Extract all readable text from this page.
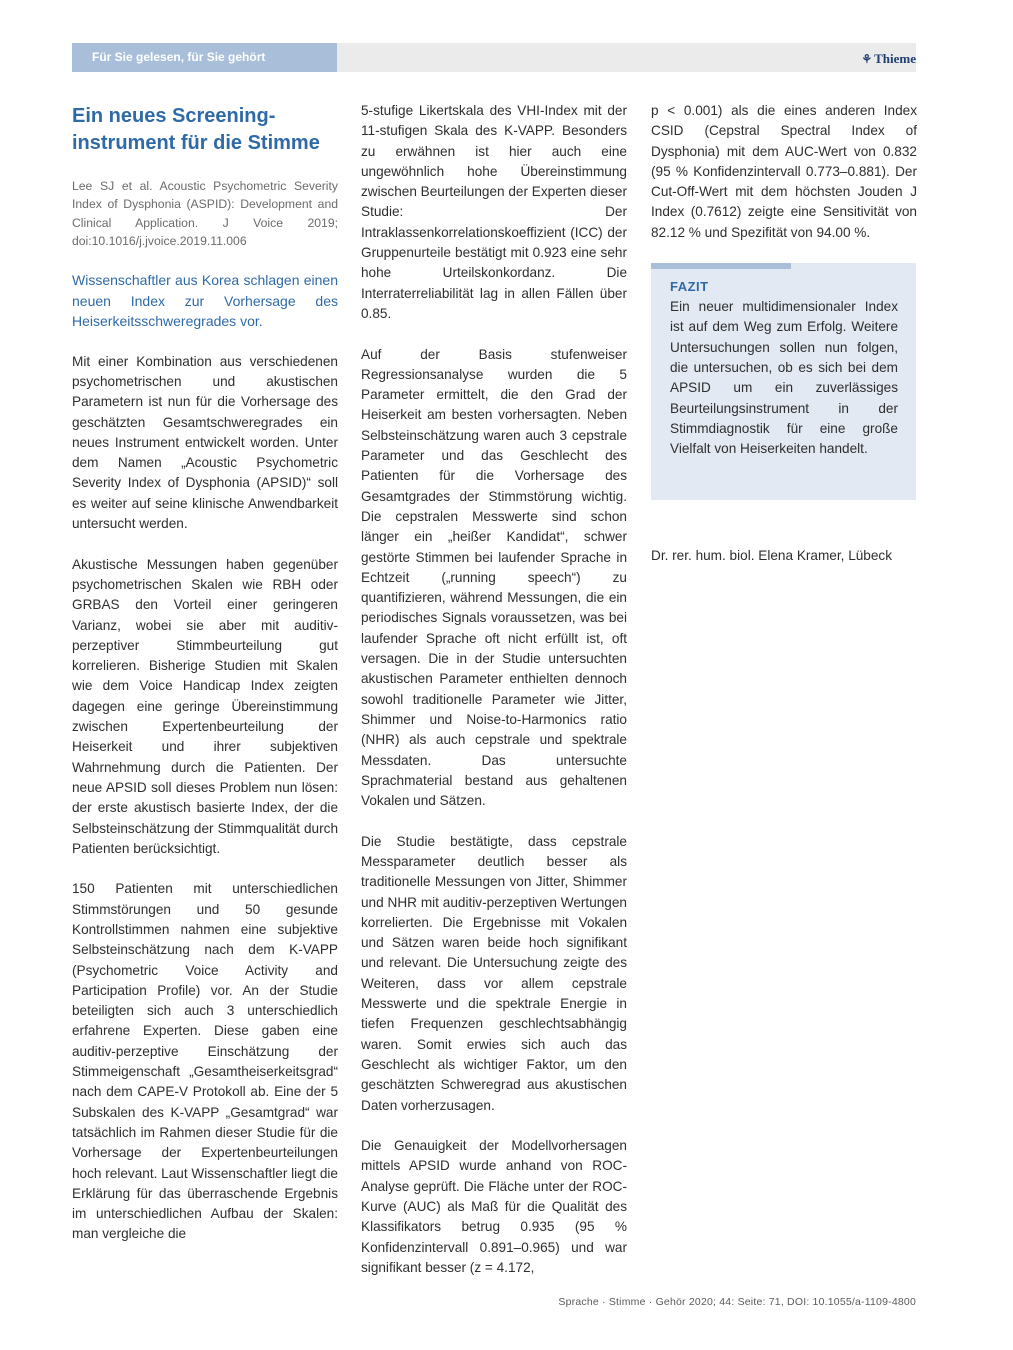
Für Sie gelesen, für Sie gehört	⚘ Thieme
Ein neues Screeninginstrument für die Stimme

Lee SJ et al. Acoustic Psychometric Severity Index of Dysphonia (ASPID): Development and Clinical Application. J Voice 2019; doi:10.1016/j.jvoice.2019.11.006

Wissenschaftler aus Korea schlagen einen neuen Index zur Vorhersage des Heiserkeitsschweregrades vor.

Mit einer Kombination aus verschiedenen psychometrischen und akustischen Parametern ist nun für die Vorhersage des geschätzten Gesamtschweregrades ein neues Instrument entwickelt worden. Unter dem Namen „Acoustic Psychometric Severity Index of Dysphonia (APSID)“ soll es weiter auf seine klinische Anwendbarkeit untersucht werden.

Akustische Messungen haben gegenüber psychometrischen Skalen wie RBH oder GRBAS den Vorteil einer geringeren Varianz, wobei sie aber mit auditiv-perzeptiver Stimmbeurteilung gut korrelieren. Bisherige Studien mit Skalen wie dem Voice Handicap Index zeigten dagegen eine geringe Übereinstimmung zwischen Expertenbeurteilung der Heiserkeit und ihrer subjektiven Wahrnehmung durch die Patienten. Der neue APSID soll dieses Problem nun lösen: der erste akustisch basierte Index, der die Selbsteinschätzung der Stimmqualität durch Patienten berücksichtigt.

150 Patienten mit unterschiedlichen Stimmstörungen und 50 gesunde Kontrollstimmen nahmen eine subjektive Selbsteinschätzung nach dem K-VAPP (Psychometric Voice Activity and Participation Profile) vor. An der Studie beteiligten sich auch 3 unterschiedlich erfahrene Experten. Diese gaben eine auditiv-perzeptive Einschätzung der Stimmeigenschaft „Gesamtheiserkeitsgrad“ nach dem CAPE-V Protokoll ab. Eine der 5 Subskalen des K-VAPP „Gesamtgrad“ war tatsächlich im Rahmen dieser Studie für die Vorhersage der Expertenbeurteilungen hoch relevant. Laut Wissenschaftler liegt die Erklärung für das überraschende Ergebnis im unterschiedlichen Aufbau der Skalen: man vergleiche die

5-stufige Likertskala des VHI-Index mit der 11-stufigen Skala des K-VAPP. Besonders zu erwähnen ist hier auch eine ungewöhnlich hohe Übereinstimmung zwischen Beurteilungen der Experten dieser Studie: Der Intraklassenkorrelationskoeffizient (ICC) der Gruppenurteile bestätigt mit 0.923 eine sehr hohe Urteilskonkordanz. Die Interraterreliabilität lag in allen Fällen über 0.85.

Auf der Basis stufenweiser Regressionsanalyse wurden die 5 Parameter ermittelt, die den Grad der Heiserkeit am besten vorhersagten. Neben Selbsteinschätzung waren auch 3 cepstrale Parameter und das Geschlecht des Patienten für die Vorhersage des Gesamtgrades der Stimmstörung wichtig. Die cepstralen Messwerte sind schon länger ein „heißer Kandidat“, schwer gestörte Stimmen bei laufender Sprache in Echtzeit („running speech“) zu quantifizieren, während Messungen, die ein periodisches Signals voraussetzen, was bei laufender Sprache oft nicht erfüllt ist, oft versagen. Die in der Studie untersuchten akustischen Parameter enthielten dennoch sowohl traditionelle Parameter wie Jitter, Shimmer und Noise-to-Harmonics ratio (NHR) als auch cepstrale und spektrale Messdaten. Das untersuchte Sprachmaterial bestand aus gehaltenen Vokalen und Sätzen.

Die Studie bestätigte, dass cepstrale Messparameter deutlich besser als traditionelle Messungen von Jitter, Shimmer und NHR mit auditiv-perzeptiven Wertungen korrelierten. Die Ergebnisse mit Vokalen und Sätzen waren beide hoch signifikant und relevant. Die Untersuchung zeigte des Weiteren, dass vor allem cepstrale Messwerte und die spektrale Energie in tiefen Frequenzen geschlechtsabhängig waren. Somit erwies sich auch das Geschlecht als wichtiger Faktor, um den geschätzten Schweregrad aus akustischen Daten vorherzusagen.

Die Genauigkeit der Modellvorhersagen mittels APSID wurde anhand von ROC-Analyse geprüft. Die Fläche unter der ROC-Kurve (AUC) als Maß für die Qualität des Klassifikators betrug 0.935 (95 % Konfidenzintervall 0.891–0.965) und war signifikant besser (z = 4.172,

p < 0.001) als die eines anderen Index CSID (Cepstral Spectral Index of Dysphonia) mit dem AUC-Wert von 0.832 (95 % Konfidenzintervall 0.773–0.881). Der Cut-Off-Wert mit dem höchsten Jouden J Index (0.7612) zeigte eine Sensitivität von 82.12 % und Spezifität von 94.00 %.

FAZIT

Ein neuer multidimensionaler Index ist auf dem Weg zum Erfolg. Weitere Untersuchungen sollen nun folgen, die untersuchen, ob es sich bei dem APSID um ein zuverlässiges Beurteilungsinstrument in der Stimmdiagnostik für eine große Vielfalt von Heiserkeiten handelt.

Dr. rer. hum. biol. Elena Kramer, Lübeck
Sprache · Stimme · Gehör 2020; 44: Seite: 71, DOI: 10.1055/a-1109-4800
